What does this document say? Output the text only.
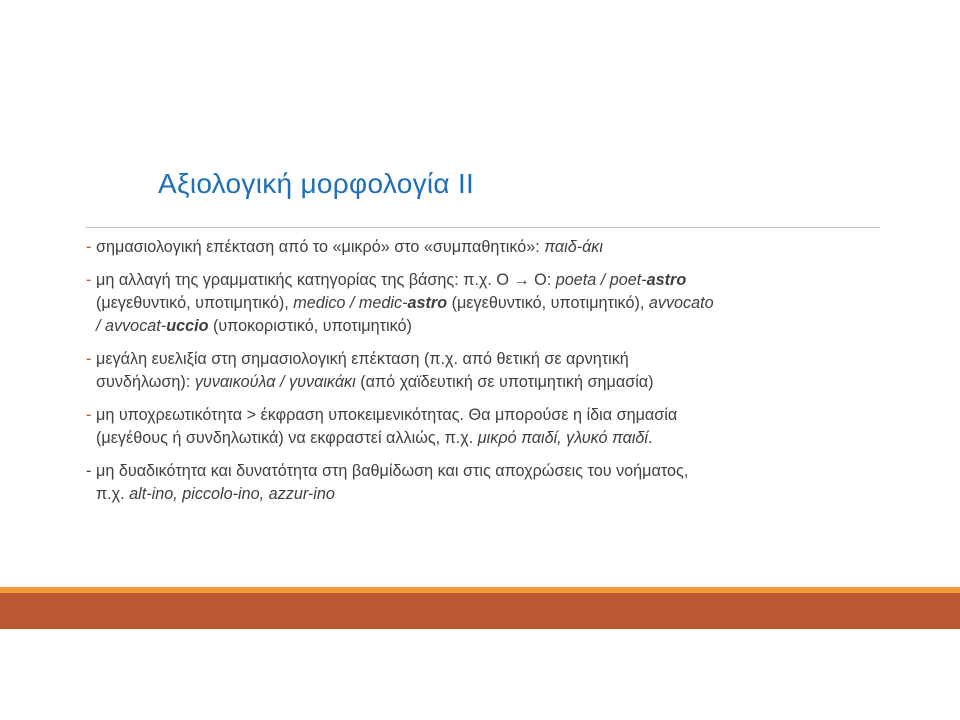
Αξιολογική μορφολογία ΙΙ
- σημασιολογική επέκταση από το «μικρό» στο «συμπαθητικό»: παιδ-άκι
- μη αλλαγή της γραμματικής κατηγορίας της βάσης: π.χ. Ο → Ο: poeta / poet-astro
(μεγεθυντικό, υποτιμητικό), medico / medic-astro (μεγεθυντικό, υποτιμητικό), avvocato
/ avvocat-uccio (υποκοριστικό, υποτιμητικό)
- μεγάλη ευελιξία στη σημασιολογική επέκταση (π.χ. από θετική σε αρνητική
συνδήλωση): γυναικούλα / γυναικάκι (από χαϊδευτική σε υποτιμητική σημασία)
- μη υποχρεωτικότητα > έκφραση υποκειμενικότητας. Θα μπορούσε η ίδια σημασία
(μεγέθους ή συνδηλωτικά) να εκφραστεί αλλιώς, π.χ. μικρό παιδί, γλυκό παιδί.
- μη δυαδικότητα και δυνατότητα στη βαθμίδωση και στις αποχρώσεις του νοήματος,
π.χ. alt-ino, piccolo-ino, azzur-ino
